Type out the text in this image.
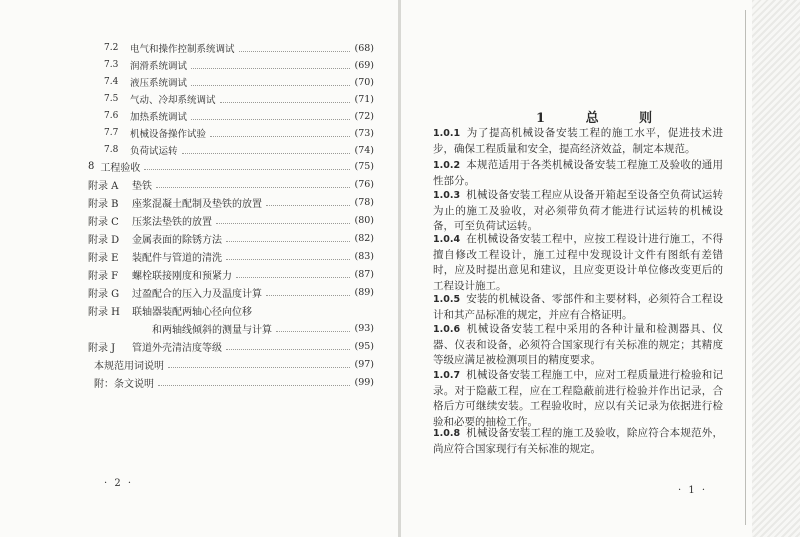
7.2	电气和操作控制系统调试	(68)
7.3	润滑系统调试	(69)
7.4	液压系统调试	(70)
7.5	气动、冷却系统调试	(71)
7.6	加热系统调试	(72)
7.7	机械设备操作试验	(73)
7.8	负荷试运转	(74)
8 工程验收	(75)
附录 A	垫铁	(76)
附录 B	座浆混凝土配制及垫铁的放置	(78)
附录 C	压浆法垫铁的放置	(80)
附录 D	金属表面的除锈方法	(82)
附录 E	装配件与管道的清洗	(83)
附录 F	螺栓联接刚度和预紧力	(87)
附录 G	过盈配合的压入力及温度计算	(89)
附录 H	联轴器装配两轴心径向位移
和两轴线倾斜的测量与计算	(93)
附录 J	管道外壳清洁度等级	(95)
本规范用词说明	(97)
附：条文说明	(99)
· 2 ·
1 总 则
1.0.1 为了提高机械设备安装工程的施工水平，促进技术进步，确保工程质量和安全，提高经济效益，制定本规范。
1.0.2 本规范适用于各类机械设备安装工程施工及验收的通用性部分。
1.0.3 机械设备安装工程应从设备开箱起至设备空负荷试运转为止的施工及验收，对必须带负荷才能进行试运转的机械设备，可至负荷试运转。
1.0.4 在机械设备安装工程中，应按工程设计进行施工，不得擅自修改工程设计，施工过程中发现设计文件有图纸有差错时，应及时提出意见和建议，且应变更设计单位修改变更后的工程设计施工。
1.0.5 安装的机械设备、零部件和主要材料，必须符合工程设计和其产品标准的规定，并应有合格证明。
1.0.6 机械设备安装工程中采用的各种计量和检测器具、仪器、仪表和设备，必须符合国家现行有关标准的规定；其精度等级应满足被检测项目的精度要求。
1.0.7 机械设备安装工程施工中，应对工程质量进行检验和记录。对于隐蔽工程，应在工程隐蔽前进行检验并作出记录，合格后方可继续安装。工程验收时，应以有关记录为依据进行检验和必要的抽检工作。
1.0.8 机械设备安装工程的施工及验收，除应符合本规范外，尚应符合国家现行有关标准的规定。
· 1 ·
